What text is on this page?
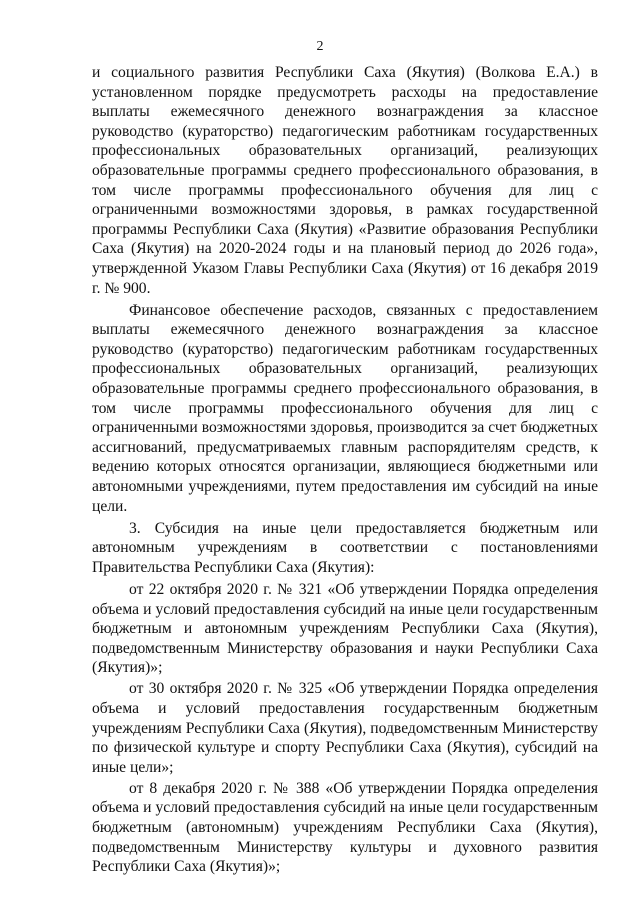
2

и социального развития Республики Саха (Якутия) (Волкова Е.А.) в установленном порядке предусмотреть расходы на предоставление выплаты ежемесячного денежного вознаграждения за классное руководство (кураторство) педагогическим работникам государственных профессиональных образовательных организаций, реализующих образовательные программы среднего профессионального образования, в том числе программы профессионального обучения для лиц с ограниченными возможностями здоровья, в рамках государственной программы Республики Саха (Якутия) «Развитие образования Республики Саха (Якутия) на 2020-2024 годы и на плановый период до 2026 года», утвержденной Указом Главы Республики Саха (Якутия) от 16 декабря 2019 г. № 900.

Финансовое обеспечение расходов, связанных с предоставлением выплаты ежемесячного денежного вознаграждения за классное руководство (кураторство) педагогическим работникам государственных профессиональных образовательных организаций, реализующих образовательные программы среднего профессионального образования, в том числе программы профессионального обучения для лиц с ограниченными возможностями здоровья, производится за счет бюджетных ассигнований, предусматриваемых главным распорядителям средств, к ведению которых относятся организации, являющиеся бюджетными или автономными учреждениями, путем предоставления им субсидий на иные цели.

3. Субсидия на иные цели предоставляется бюджетным или автономным учреждениям в соответствии с постановлениями Правительства Республики Саха (Якутия):

от 22 октября 2020 г. № 321 «Об утверждении Порядка определения объема и условий предоставления субсидий на иные цели государственным бюджетным и автономным учреждениям Республики Саха (Якутия), подведомственным Министерству образования и науки Республики Саха (Якутия)»;

от 30 октября 2020 г. № 325 «Об утверждении Порядка определения объема и условий предоставления государственным бюджетным учреждениям Республики Саха (Якутия), подведомственным Министерству по физической культуре и спорту Республики Саха (Якутия), субсидий на иные цели»;

от 8 декабря 2020 г. № 388 «Об утверждении Порядка определения объема и условий предоставления субсидий на иные цели государственным бюджетным (автономным) учреждениям Республики Саха (Якутия), подведомственным Министерству культуры и духовного развития Республики Саха (Якутия)»;
